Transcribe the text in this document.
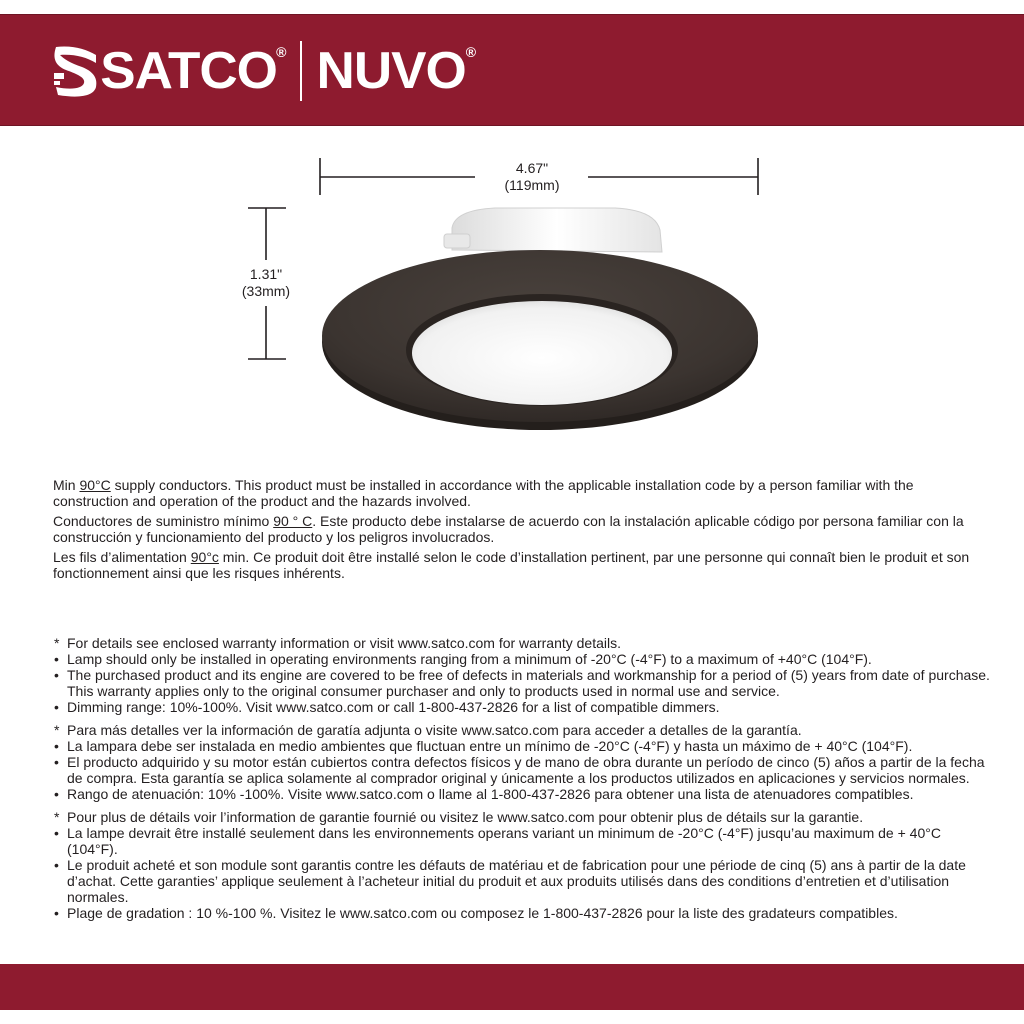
SATCO ® NUVO ®
4.67"
(119mm)
1.31"
(33mm)

Min 90°C supply conductors. This product must be installed in accordance with the applicable installation code by a person familiar with the construction and operation of the product and the hazards involved.

Conductores de suministro mínimo 90 ° C. Este producto debe instalarse de acuerdo con la instalación aplicable código por persona familiar con la construcción y funcionamiento del producto y los peligros involucrados.

Les fils d’alimentation 90°c min. Ce produit doit être installé selon le code d’installation pertinent, par une personne qui connaît bien le produit et son fonctionnement ainsi que les risques inhérents.

* For details see enclosed warranty information or visit www.satco.com for warranty details.
• Lamp should only be installed in operating environments ranging from a minimum of -20°C (-4°F) to a maximum of +40°C (104°F).
• The purchased product and its engine are covered to be free of defects in materials and workmanship for a period of (5) years from date of purchase. This warranty applies only to the original consumer purchaser and only to products used in normal use and service.
• Dimming range: 10%-100%. Visit www.satco.com or call 1-800-437-2826 for a list of compatible dimmers.
* Para más detalles ver la información de garatía adjunta o visite www.satco.com para acceder a detalles de la garantía.
• La lampara debe ser instalada en medio ambientes que fluctuan entre un mínimo de -20°C (-4°F) y hasta un máximo de + 40°C (104°F).
• El producto adquirido y su motor están cubiertos contra defectos físicos y de mano de obra durante un período de cinco (5) años a partir de la fecha de compra. Esta garantía se aplica solamente al comprador original y únicamente a los productos utilizados en aplicaciones y servicios normales.
• Rango de atenuación: 10% -100%. Visite www.satco.com o llame al 1-800-437-2826 para obtener una lista de atenuadores compatibles.
* Pour plus de détails voir l’information de garantie fournié ou visitez le www.satco.com pour obtenir plus de détails sur la garantie.
• La lampe devrait être installé seulement dans les environnements operans variant un minimum de -20°C (-4°F) jusqu’au maximum de + 40°C (104°F).
• Le produit acheté et son module sont garantis contre les défauts de matériau et de fabrication pour une période de cinq (5) ans à partir de la date d’achat. Cette garanties’ applique seulement à l’acheteur initial du produit et aux produits utilisés dans des conditions d’entretien et d’utilisation normales.
• Plage de gradation : 10 %-100 %. Visitez le www.satco.com ou composez le 1-800-437-2826 pour la liste des gradateurs compatibles.
